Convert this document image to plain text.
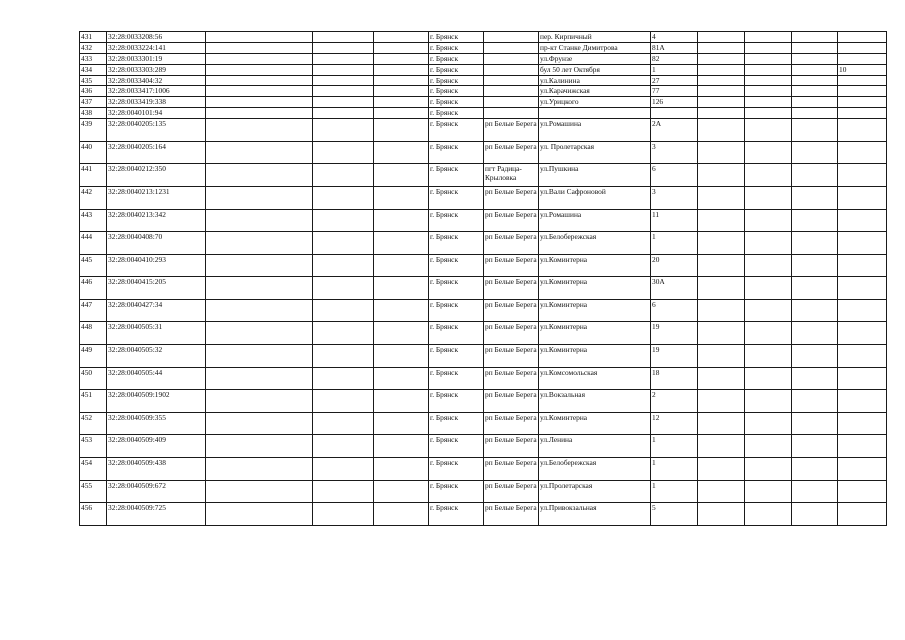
431	32:28:0033208:56				г. Брянск		пер. Кирпичный	4				
432	32:28:0033224:141				г. Брянск		пр-кт Станке Димитрова	81А				
433	32:28:0033301:19				г. Брянск		ул.Фрунзе	82				
434	32:28:0033303:289				г. Брянск		бул 50 лет Октября	1				10
435	32:28:0033404:32				г. Брянск		ул.Калинина	27				
436	32:28:0033417:1006				г. Брянск		ул.Карачижская	77				
437	32:28:0033419:338				г. Брянск		ул.Урицкого	126				
438	32:28:0040101:94				г. Брянск							
439	32:28:0040205:135				г. Брянск	рп Белые Берега	ул.Ромашина	2А				
440	32:28:0040205:164				г. Брянск	рп Белые Берега	ул. Пролетарская	3				
441	32:28:0040212:350				г. Брянск	пгт Радица-Крыловка	ул.Пушкина	6				
442	32:28:0040213:1231				г. Брянск	рп Белые Берега	ул.Вали Сафроновой	3				
443	32:28:0040213:342				г. Брянск	рп Белые Берега	ул.Ромашина	11				
444	32:28:0040408:70				г. Брянск	рп Белые Берега	ул.Белобережская	1				
445	32:28:0040410:293				г. Брянск	рп Белые Берега	ул.Коминтерна	20				
446	32:28:0040415:205				г. Брянск	рп Белые Берега	ул.Коминтерна	30А				
447	32:28:0040427:34				г. Брянск	рп Белые Берега	ул.Коминтерна	6				
448	32:28:0040505:31				г. Брянск	рп Белые Берега	ул.Коминтерна	19				
449	32:28:0040505:32				г. Брянск	рп Белые Берега	ул.Коминтерна	19				
450	32:28:0040505:44				г. Брянск	рп Белые Берега	ул.Комсомольская	18				
451	32:28:0040509:1902				г. Брянск	рп Белые Берега	ул.Вокзальная	2				
452	32:28:0040509:355				г. Брянск	рп Белые Берега	ул.Коминтерна	12				
453	32:28:0040509:409				г. Брянск	рп Белые Берега	ул.Ленина	1				
454	32:28:0040509:438				г. Брянск	рп Белые Берега	ул.Белобережская	1				
455	32:28:0040509:672				г. Брянск	рп Белые Берега	ул.Пролетарская	1				
456	32:28:0040509:725				г. Брянск	рп Белые Берега	ул.Привокзальная	5				
